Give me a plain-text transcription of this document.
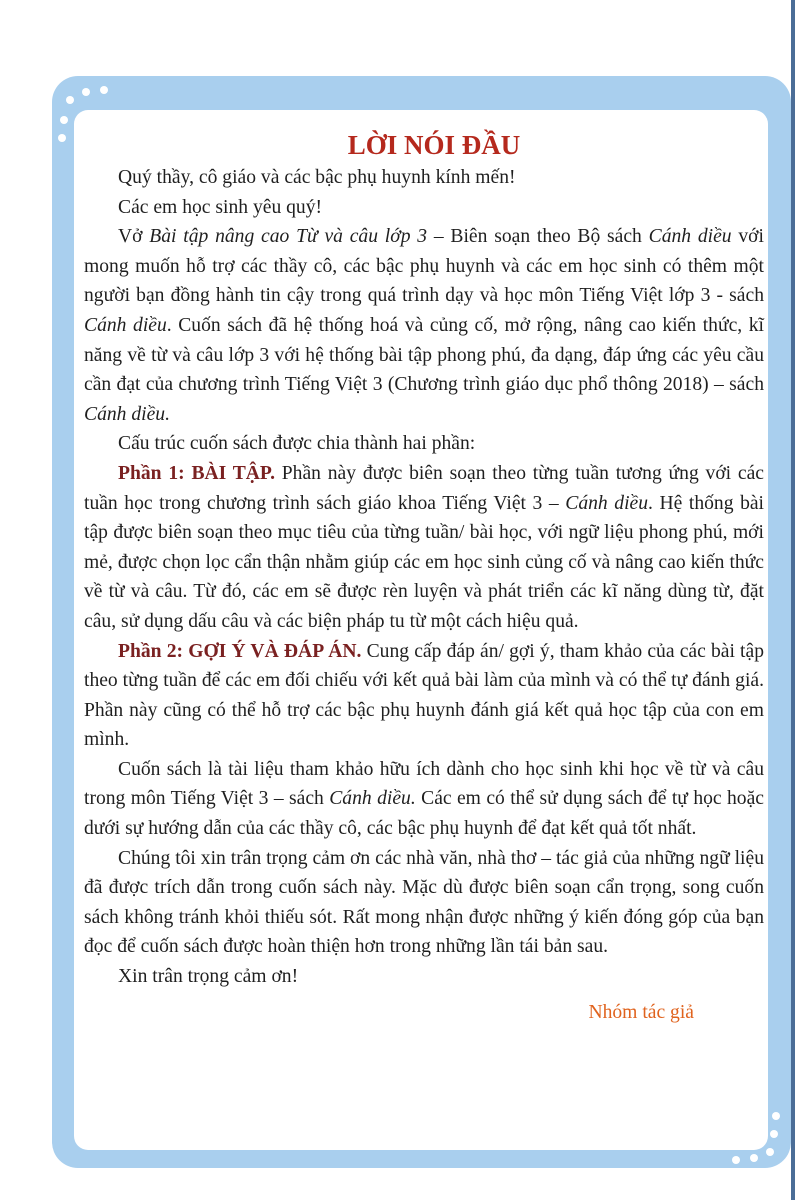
LỜI NÓI ĐẦU

Quý thầy, cô giáo và các bậc phụ huynh kính mến!

Các em học sinh yêu quý!

Vở Bài tập nâng cao Từ và câu lớp 3 – Biên soạn theo Bộ sách Cánh diều với mong muốn hỗ trợ các thầy cô, các bậc phụ huynh và các em học sinh có thêm một người bạn đồng hành tin cậy trong quá trình dạy và học môn Tiếng Việt lớp 3 - sách Cánh diều. Cuốn sách đã hệ thống hoá và củng cố, mở rộng, nâng cao kiến thức, kĩ năng về từ và câu lớp 3 với hệ thống bài tập phong phú, đa dạng, đáp ứng các yêu cầu cần đạt của chương trình Tiếng Việt 3 (Chương trình giáo dục phổ thông 2018) – sách Cánh diều.

Cấu trúc cuốn sách được chia thành hai phần:

Phần 1: BÀI TẬP. Phần này được biên soạn theo từng tuần tương ứng với các tuần học trong chương trình sách giáo khoa Tiếng Việt 3 – Cánh diều. Hệ thống bài tập được biên soạn theo mục tiêu của từng tuần/ bài học, với ngữ liệu phong phú, mới mẻ, được chọn lọc cẩn thận nhằm giúp các em học sinh củng cố và nâng cao kiến thức về từ và câu. Từ đó, các em sẽ được rèn luyện và phát triển các kĩ năng dùng từ, đặt câu, sử dụng dấu câu và các biện pháp tu từ một cách hiệu quả.

Phần 2: GỢI Ý VÀ ĐÁP ÁN. Cung cấp đáp án/ gợi ý, tham khảo của các bài tập theo từng tuần để các em đối chiếu với kết quả bài làm của mình và có thể tự đánh giá. Phần này cũng có thể hỗ trợ các bậc phụ huynh đánh giá kết quả học tập của con em mình.

Cuốn sách là tài liệu tham khảo hữu ích dành cho học sinh khi học về từ và câu trong môn Tiếng Việt 3 – sách Cánh diều. Các em có thể sử dụng sách để tự học hoặc dưới sự hướng dẫn của các thầy cô, các bậc phụ huynh để đạt kết quả tốt nhất.

Chúng tôi xin trân trọng cảm ơn các nhà văn, nhà thơ – tác giả của những ngữ liệu đã được trích dẫn trong cuốn sách này. Mặc dù được biên soạn cẩn trọng, song cuốn sách không tránh khỏi thiếu sót. Rất mong nhận được những ý kiến đóng góp của bạn đọc để cuốn sách được hoàn thiện hơn trong những lần tái bản sau.

Xin trân trọng cảm ơn!

Nhóm tác giả
